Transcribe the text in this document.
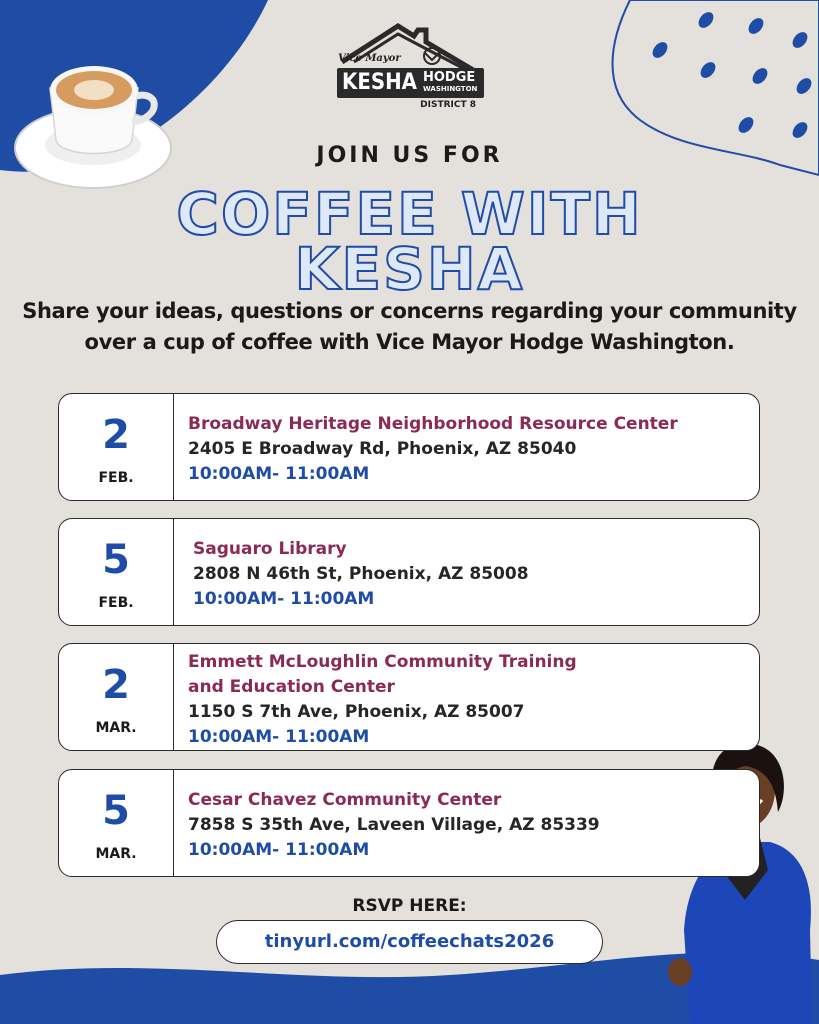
Vice Mayor
KESHA HODGE
WASHINGTON
DISTRICT 8
JOIN US FOR
COFFEE WITH
KESHA
Share your ideas, questions or concerns regarding your community
over a cup of coffee with Vice Mayor Hodge Washington.
2
FEB.
Broadway Heritage Neighborhood Resource Center
2405 E Broadway Rd, Phoenix, AZ 85040
10:00AM- 11:00AM
5
FEB.
Saguaro Library
2808 N 46th St, Phoenix, AZ 85008
10:00AM- 11:00AM
2
MAR.
Emmett McLoughlin Community Training
and Education Center
1150 S 7th Ave, Phoenix, AZ 85007
10:00AM- 11:00AM
5
MAR.
Cesar Chavez Community Center
7858 S 35th Ave, Laveen Village, AZ 85339
10:00AM- 11:00AM
RSVP HERE:
tinyurl.com/coffeechats2026
